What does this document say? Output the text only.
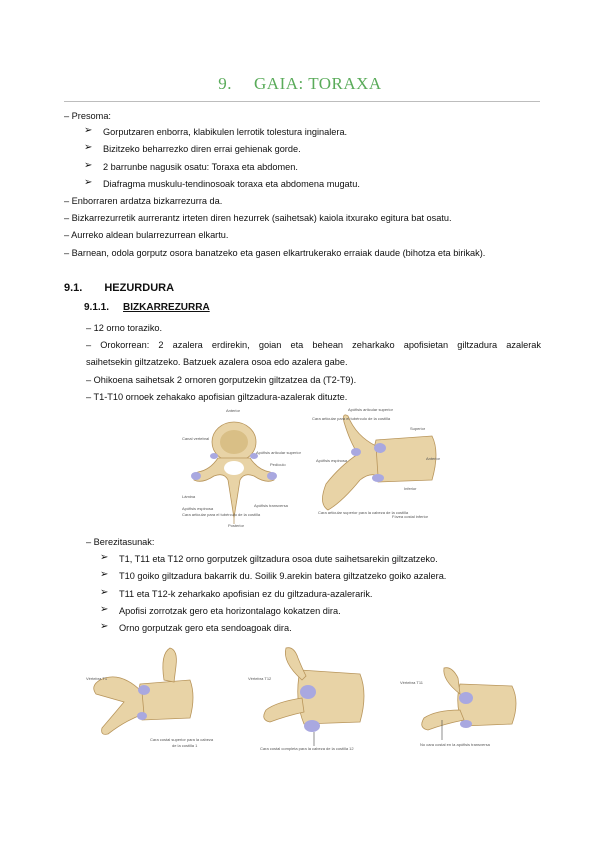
9. GAIA: TORAXA
– Presoma:
➢ Gorputzaren enborra, klabikulen lerrotik tolestura inginalera.
➢ Bizitzeko beharrezko diren errai gehienak gorde.
➢ 2 barrunbe nagusik osatu: Toraxa eta abdomen.
➢ Diafragma muskulu-tendinosoak toraxa eta abdomena mugatu.
– Enborraren ardatza bizkarrezurra da.
– Bizkarrezurretik aurrerantz irteten diren hezurrek (saihetsak) kaiola itxurako egitura bat osatu.
– Aurreko aldean bularrezurrean elkartu.
– Barnean, odola gorputz osora banatzeko eta gasen elkartrukerako erraiak daude (bihotza eta birikak).
9.1. HEZURDURA
9.1.1. BIZKARREZURRA
– 12 orno torazikо.
– Orokorrean: 2 azalera erdirekin, goian eta behean zeharkako apofisietan giltzadura azalerak
saihetsekin giltzatzeko. Batzuek azalera osoa edo azalera gabe.
– Ohikoena saihetsak 2 ornoren gorputzekin giltzatzea da (T2-T9).
– T1-T10 ornoek zehakako apofisian giltzadura-azalerak dituzte.
Anterior
Canal vertebral
Apófisis articular superior
Pedículo
Apófisis transversa
Lámina
Apófisis espinosa
Posterior
Cara articular para el tubérculo de la costilla
Apófisis articular superior
Cara articular para el tubérculo de la costilla
Superior
Anterior
Inferior
Apófisis espinosa
Cara articular superior para la cabeza de la costilla
Fóvea costal inferior
– Berezitasunak:
➢ T1, T11 eta T12 orno gorputzek giltzadura osoa dute saihetsarekin giltzatzeko.
➢ T10 goiko giltzadura bakarrik du. Soilik 9.arekin batera giltzatzeko goiko azalera.
➢ T11 eta T12-k zeharkako apofisian ez du giltzadura-azalerarik.
➢ Apofisi zorrotzak gero eta horizontalago kokatzen dira.
➢ Orno gorputzak gero eta sendoagoak dira.
Vértebra T1
Cara costal superior para la cabeza
de la costilla 1
Vértebra T12
Cara costal completa para la cabeza de la costilla 12
Vértebra T11
No cara costal en la apófisis transversa
